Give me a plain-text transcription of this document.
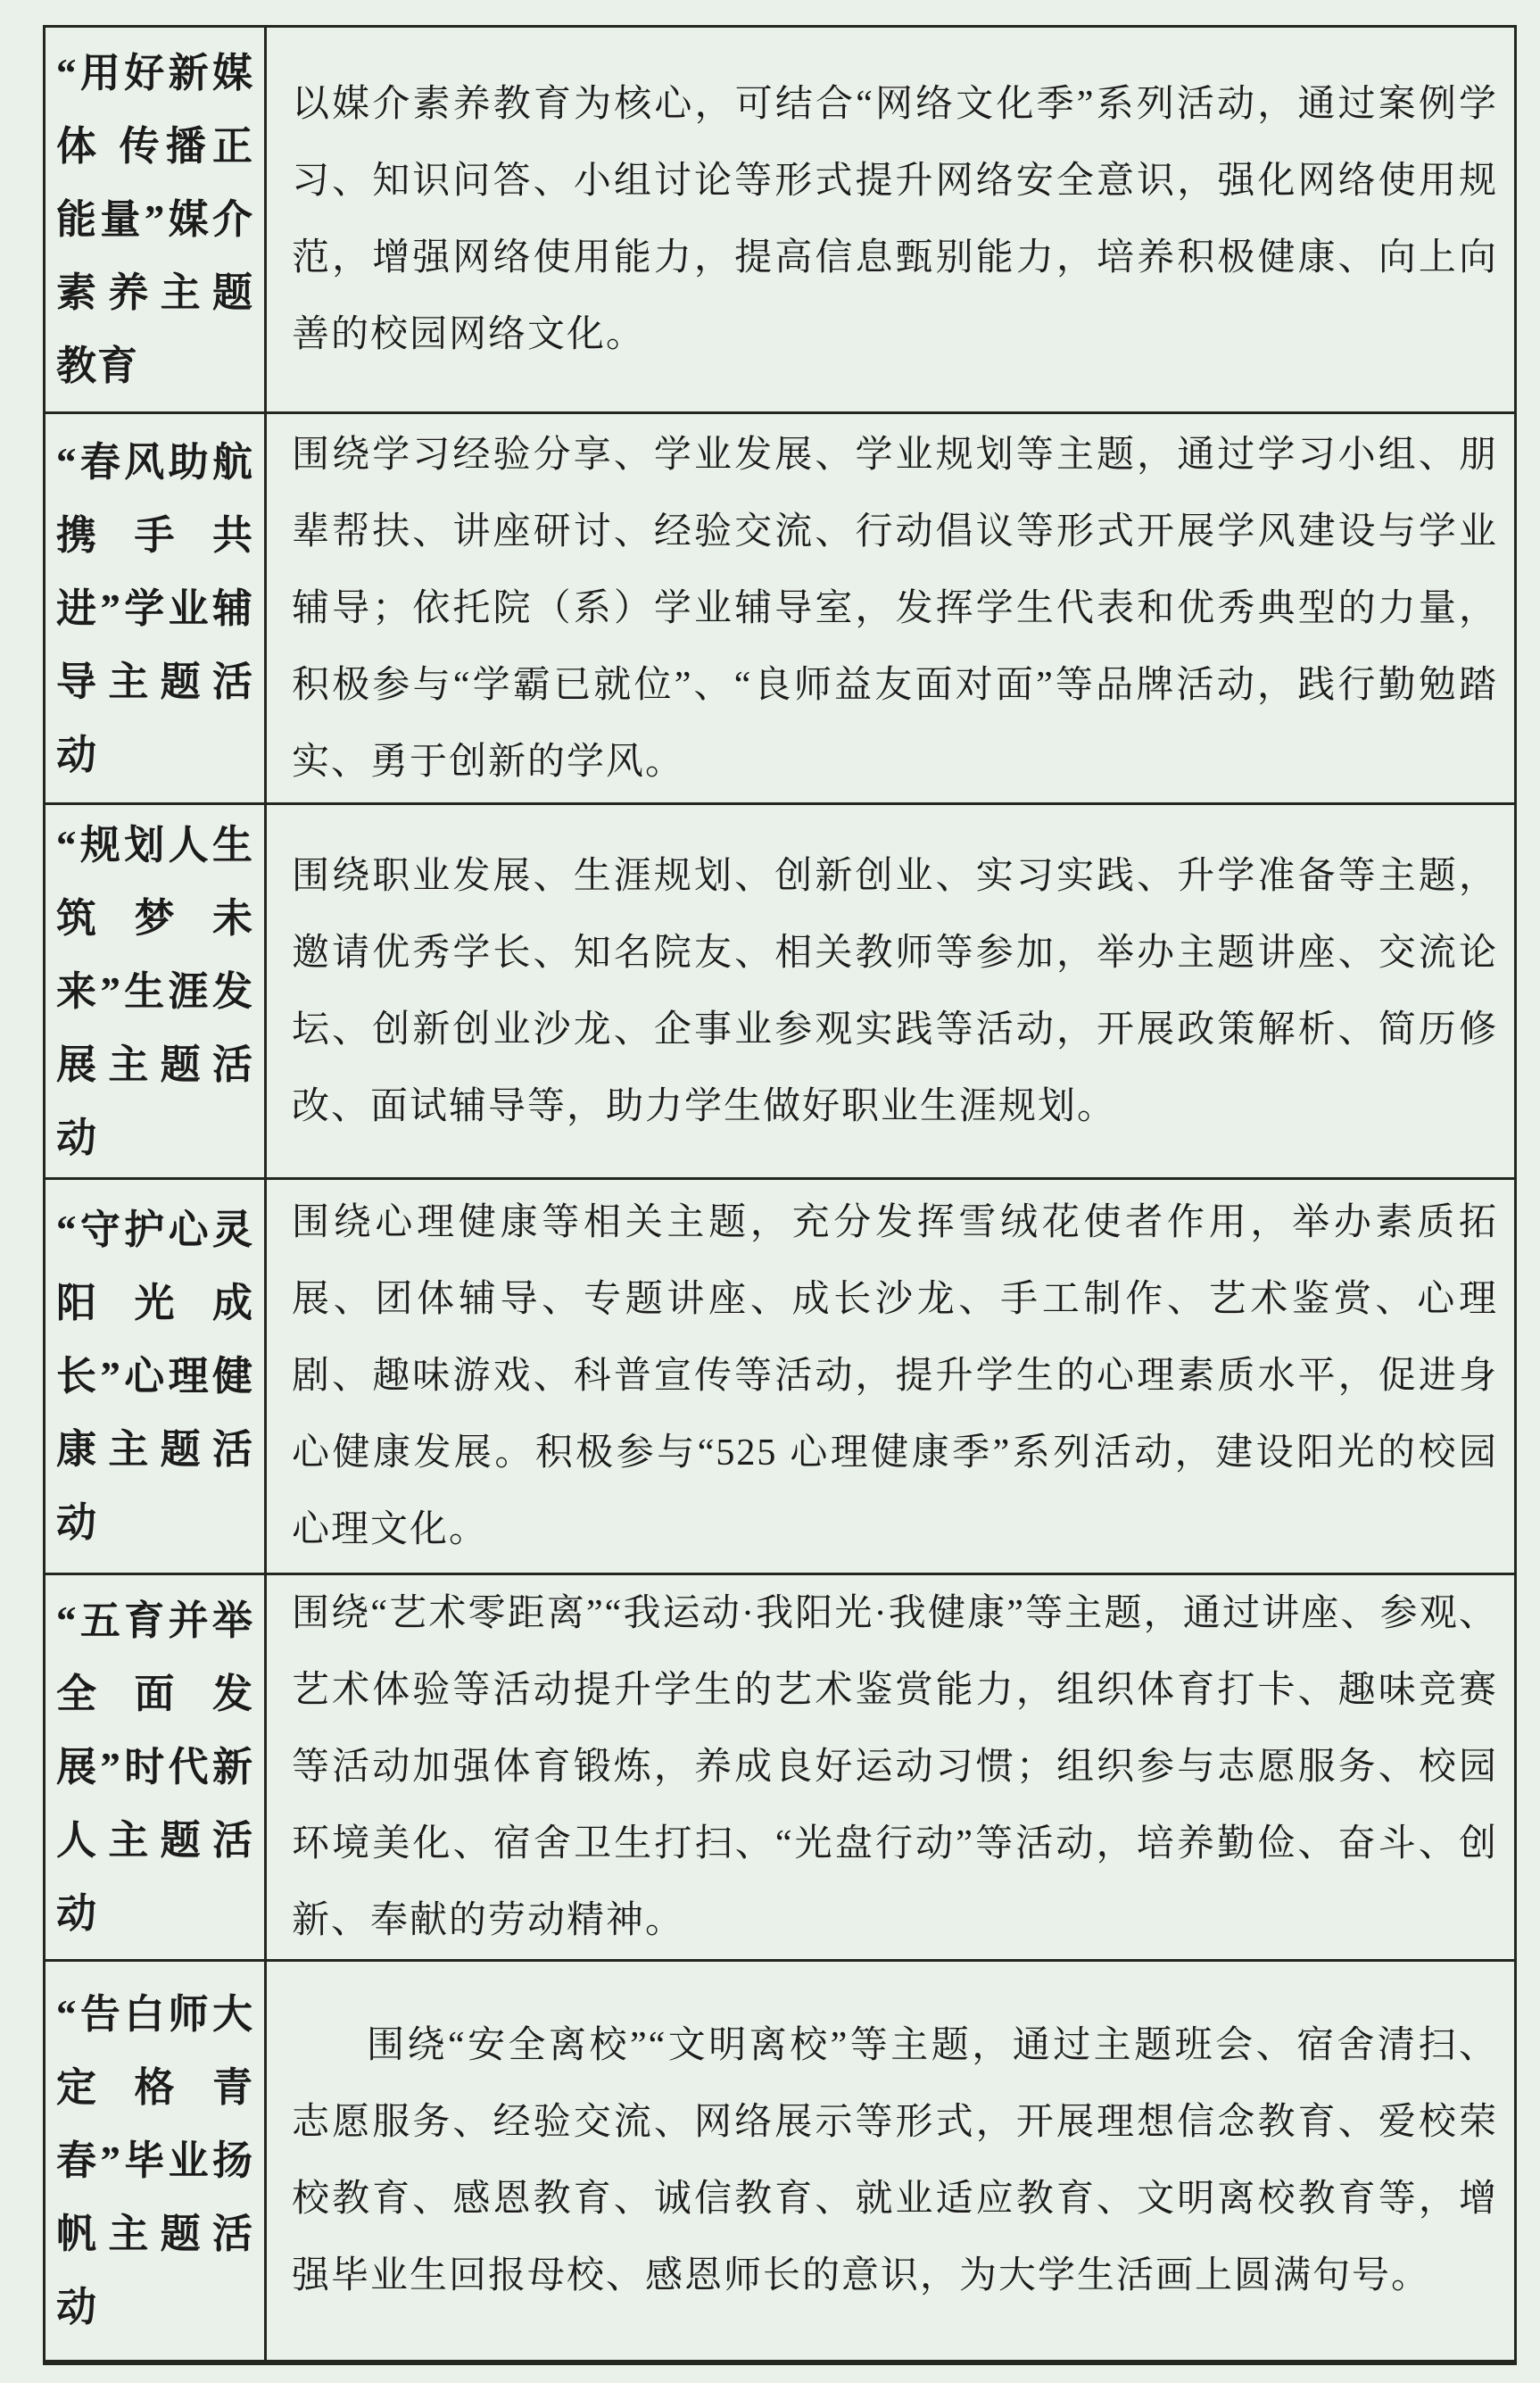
“用好新媒体 传播正能量”媒介素养主题教育
以媒介素养教育为核心，可结合“网络文化季”系列活动，通过案例学习、知识问答、小组讨论等形式提升网络安全意识，强化网络使用规范，增强网络使用能力，提高信息甄别能力，培养积极健康、向上向善的校园网络文化。
“春风助航 携手共进”学业辅导主题活动
围绕学习经验分享、学业发展、学业规划等主题，通过学习小组、朋辈帮扶、讲座研讨、经验交流、行动倡议等形式开展学风建设与学业辅导；依托院（系）学业辅导室，发挥学生代表和优秀典型的力量，积极参与“学霸已就位”、“良师益友面对面”等品牌活动，践行勤勉踏实、勇于创新的学风。
“规划人生 筑梦未来”生涯发展主题活动
围绕职业发展、生涯规划、创新创业、实习实践、升学准备等主题，邀请优秀学长、知名院友、相关教师等参加，举办主题讲座、交流论坛、创新创业沙龙、企事业参观实践等活动，开展政策解析、简历修改、面试辅导等，助力学生做好职业生涯规划。
“守护心灵 阳光成长”心理健康主题活动
围绕心理健康等相关主题，充分发挥雪绒花使者作用，举办素质拓展、团体辅导、专题讲座、成长沙龙、手工制作、艺术鉴赏、心理剧、趣味游戏、科普宣传等活动，提升学生的心理素质水平，促进身心健康发展。积极参与“525 心理健康季”系列活动，建设阳光的校园心理文化。
“五育并举 全面发展”时代新人主题活动
围绕“艺术零距离”“我运动·我阳光·我健康”等主题，通过讲座、参观、艺术体验等活动提升学生的艺术鉴赏能力，组织体育打卡、趣味竞赛等活动加强体育锻炼，养成良好运动习惯；组织参与志愿服务、校园环境美化、宿舍卫生打扫、“光盘行动”等活动，培养勤俭、奋斗、创新、奉献的劳动精神。
“告白师大 定格青春”毕业扬帆主题活动
围绕“安全离校”“文明离校”等主题，通过主题班会、宿舍清扫、志愿服务、经验交流、网络展示等形式，开展理想信念教育、爱校荣校教育、感恩教育、诚信教育、就业适应教育、文明离校教育等，增强毕业生回报母校、感恩师长的意识，为大学生活画上圆满句号。
